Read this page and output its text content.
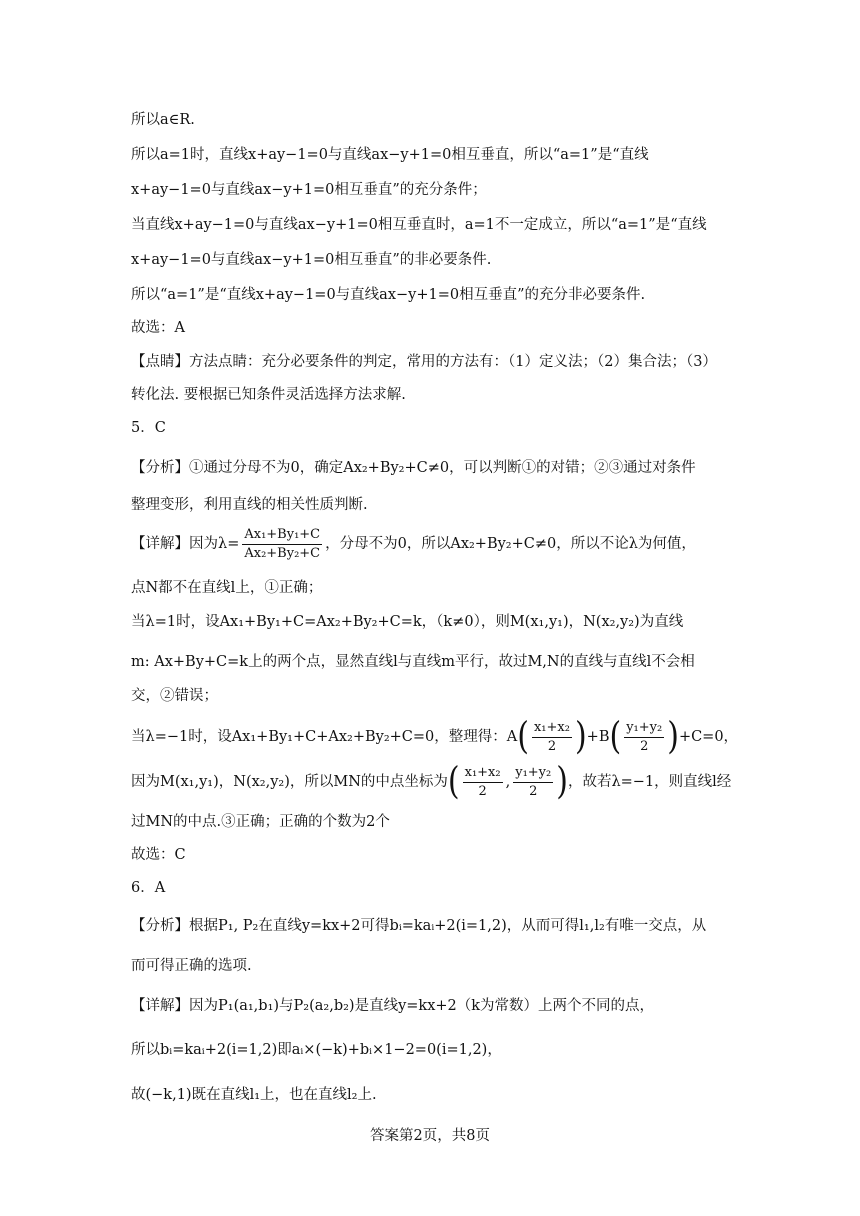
所以a∈R.
所以a=1时，直线x+ay−1=0与直线ax−y+1=0相互垂直，所以“a=1”是“直线
x+ay−1=0与直线ax−y+1=0相互垂直”的充分条件；
当直线x+ay−1=0与直线ax−y+1=0相互垂直时，a=1不一定成立，所以“a=1”是“直线
x+ay−1=0与直线ax−y+1=0相互垂直”的非必要条件.
所以“a=1”是“直线x+ay−1=0与直线ax−y+1=0相互垂直”的充分非必要条件.
故选：A
【点睛】方法点睛：充分必要条件的判定，常用的方法有：（1）定义法；（2）集合法；（3）
转化法. 要根据已知条件灵活选择方法求解.
5．C
【分析】①通过分母不为0，确定Ax₂+By₂+C≠0，可以判断①的对错；②③通过对条件
整理变形，利用直线的相关性质判断.
【详解】因为$\lambda= \frac{\text{Ax₁+By₁+C}}{\text{Ax₂+By₂+C}}$ ，分母不为0，所以Ax₂+By₂+C≠0，所以不论λ为何值，
点N都不在直线l上，①正确；
当λ=1时，设Ax₁+By₁+C=Ax₂+By₂+C=k，（k≠0），则M(x₁,y₁)，N(x₂,y₂)为直线
m: Ax+By+C=k上的两个点，显然直线l与直线m平行，故过M,N的直线与直线l不会相
交，②错误；
当λ=−1时，设Ax₁+By₁+C+Ax₂+By₂+C=0，整理得：$A( \frac{\text{x₁+x₂}}{2} )+B( \frac{\text{y₁+y₂}}{2} )+C=0$，
因为M(x₁,y₁)，N(x₂,y₂)，所以MN的中点坐标为( $\frac{\text{x₁+x₂}}{2}$ , $\frac{\text{y₁+y₂}}{2}$ )，故若λ=−1，则直线l经
过MN的中点.③正确；正确的个数为2个
故选：C
6．A
【分析】根据P₁, P₂在直线y=kx+2可得bᵢ=kaᵢ+2(i=1,2)，从而可得l₁,l₂有唯一交点，从
而可得正确的选项.
【详解】因为P₁(a₁,b₁)与P₂(a₂,b₂)是直线y=kx+2（k为常数）上两个不同的点，
所以bᵢ=kaᵢ+2(i=1,2)即aᵢ×(−k)+bᵢ×1−2=0(i=1,2)，
故(−k,1)既在直线l₁上，也在直线l₂上.
答案第2页，共8页
